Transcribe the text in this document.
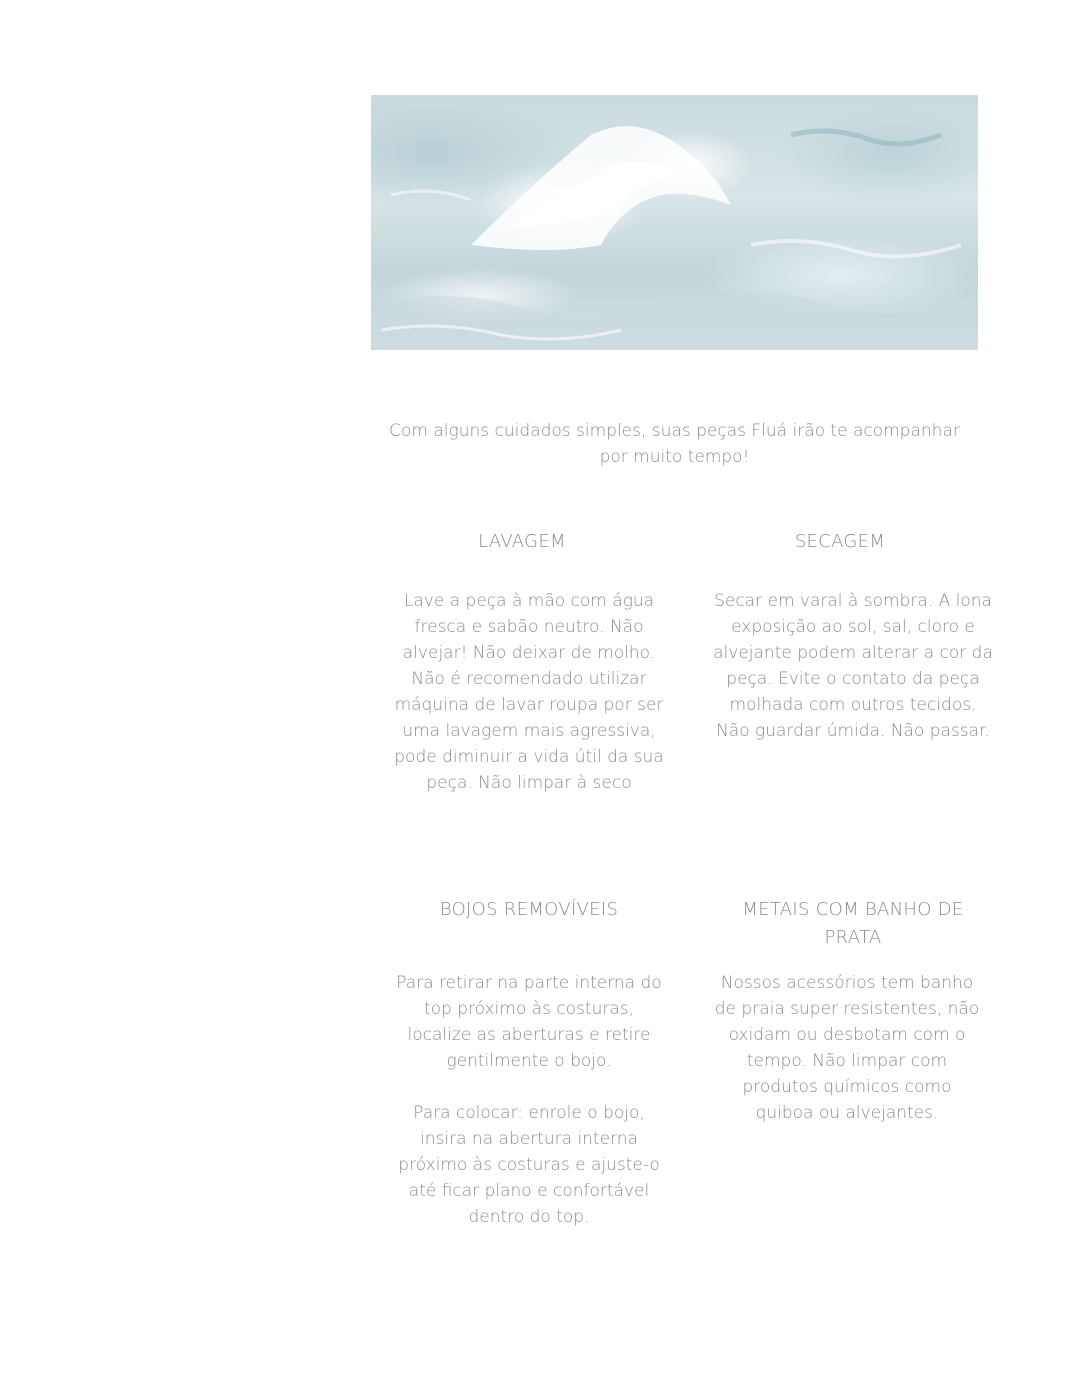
Com alguns cuidados simples, suas peças Fluá irão te acompanhar
por muito tempo!
LAVAGEM

Lave a peça à mão com água fresca e sabão neutro. Não alvejar! Não deixar de molho. Não é recomendado utilizar máquina de lavar roupa por ser uma lavagem mais agressiva, pode diminuir a vida útil da sua peça. Não limpar à seco

SECAGEM

Secar em varal à sombra. A lona exposição ao sol, sal, cloro e alvejante podem alterar a cor da peça. Evite o contato da peça molhada com outros tecidos. Não guardar úmida. Não passar.

BOJOS REMOVÍVEIS

Para retirar na parte interna do top próximo às costuras, localize as aberturas e retire gentilmente o bojo.

Para colocar: enrole o bojo, insira na abertura interna próximo às costuras e ajuste-o até ficar plano e confortável dentro do top.

METAIS COM BANHO DE PRATA

Nossos acessórios tem banho de praia super resistentes, não oxidam ou desbotam com o tempo. Não limpar com produtos químicos como quiboa ou alvejantes.
